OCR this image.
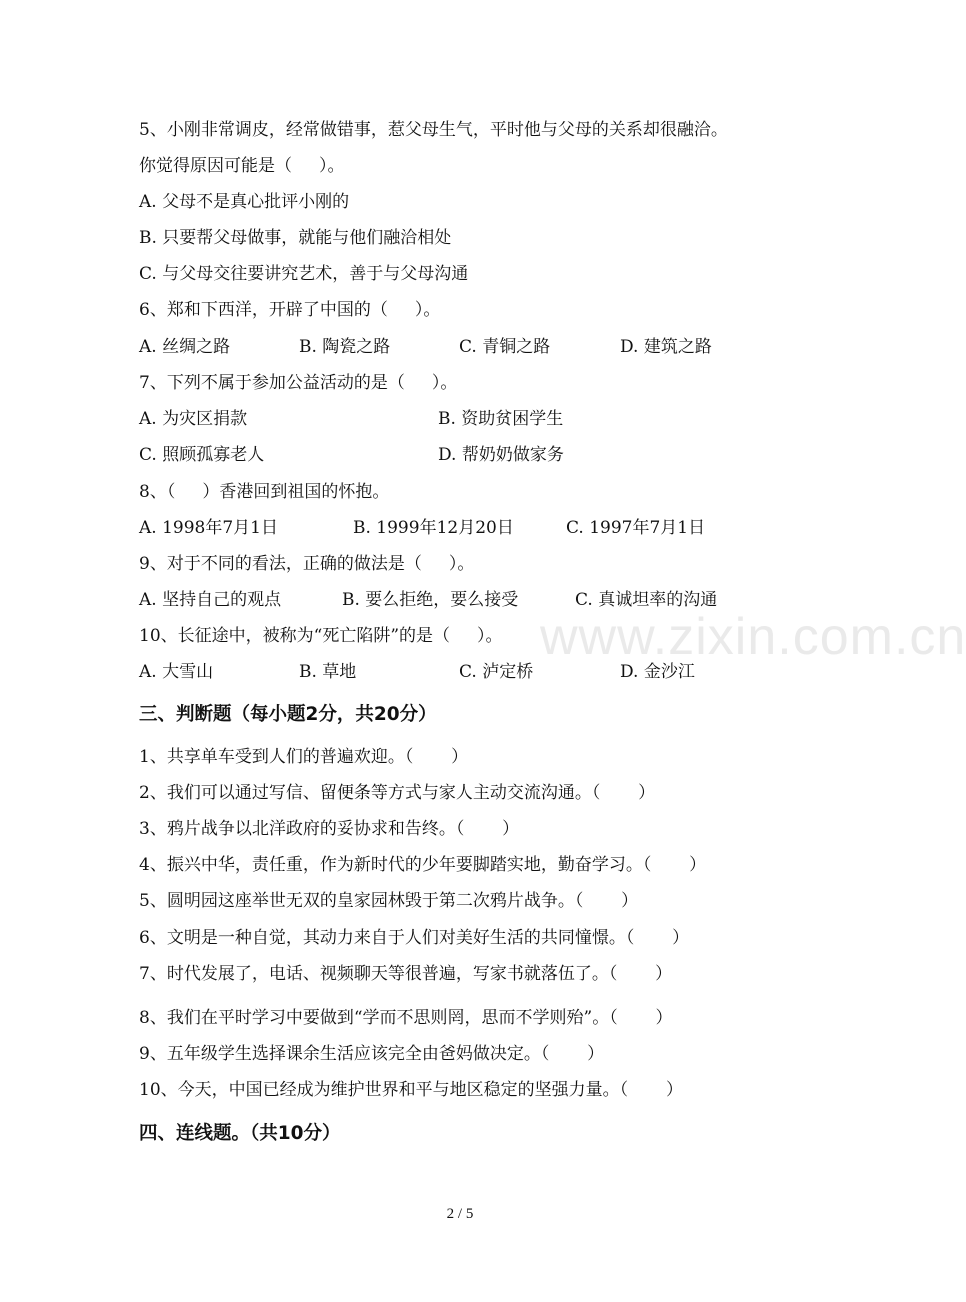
www.zixin.com.cn
5、小刚非常调皮，经常做错事，惹父母生气，平时他与父母的关系却很融洽。
你觉得原因可能是（     ）。
A. 父母不是真心批评小刚的
B. 只要帮父母做事，就能与他们融洽相处
C. 与父母交往要讲究艺术，善于与父母沟通
6、郑和下西洋，开辟了中国的（     ）。
A. 丝绸之路	B. 陶瓷之路	C. 青铜之路	D. 建筑之路
7、下列不属于参加公益活动的是（     ）。
A. 为灾区捐款	B. 资助贫困学生
C. 照顾孤寡老人	D. 帮奶奶做家务
8、（     ）香港回到祖国的怀抱。
A. 1998年7月1日	B. 1999年12月20日	C. 1997年7月1日
9、对于不同的看法，正确的做法是（     ）。
A. 坚持自己的观点	B. 要么拒绝，要么接受	C. 真诚坦率的沟通
10、长征途中，被称为“死亡陷阱”的是（     ）。
A. 大雪山	B. 草地	C. 泸定桥	D. 金沙江
三、判断题（每小题2分，共20分）
1、共享单车受到人们的普遍欢迎。（       ）
2、我们可以通过写信、留便条等方式与家人主动交流沟通。（       ）
3、鸦片战争以北洋政府的妥协求和告终。（       ）
4、振兴中华，责任重，作为新时代的少年要脚踏实地，勤奋学习。（       ）
5、圆明园这座举世无双的皇家园林毁于第二次鸦片战争。（       ）
6、文明是一种自觉，其动力来自于人们对美好生活的共同憧憬。（       ）
7、时代发展了，电话、视频聊天等很普遍，写家书就落伍了。（       ）
8、我们在平时学习中要做到“学而不思则罔，思而不学则殆”。（       ）
9、五年级学生选择课余生活应该完全由爸妈做决定。（       ）
10、今天，中国已经成为维护世界和平与地区稳定的坚强力量。（       ）
四、连线题。（共10分）
2 / 5
